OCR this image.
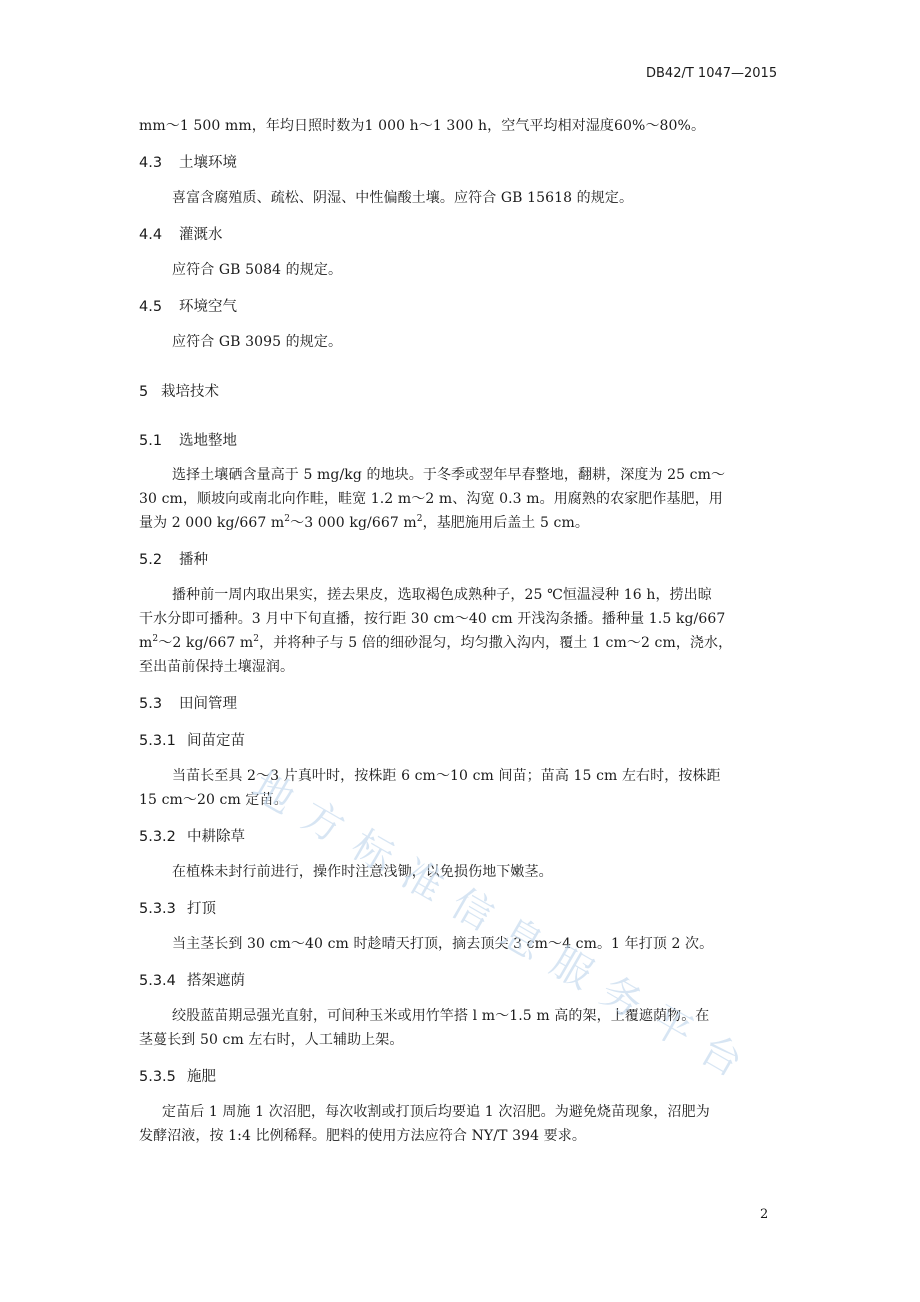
DB42/T 1047—2015
mm～1 500 mm，年均日照时数为1 000 h～1 300 h，空气平均相对湿度60%～80%。
4.3 土壤环境
喜富含腐殖质、疏松、阴湿、中性偏酸土壤。应符合 GB 15618 的规定。
4.4 灌溉水
应符合 GB 5084 的规定。
4.5 环境空气
应符合 GB 3095 的规定。
5 栽培技术
5.1 选地整地
选择土壤硒含量高于 5 mg/kg 的地块。于冬季或翌年早春整地，翻耕，深度为 25 cm～
30 cm，顺坡向或南北向作畦，畦宽 1.2 m～2 m、沟宽 0.3 m。用腐熟的农家肥作基肥，用
量为 2 000 kg/667 $m^2\sim 3$ 000 kg/667 $m^2$，基肥施用后盖土 5 cm。
5.2 播种
播种前一周内取出果实，搓去果皮，选取褐色成熟种子，25 ℃恒温浸种 16 h，捞出晾
干水分即可播种。3 月中下旬直播，按行距 30 cm～40 cm 开浅沟条播。播种量 1.5 kg/667
$m^2\sim 2$ kg/667 $m^2$，并将种子与 5 倍的细砂混匀，均匀撒入沟内，覆土 1 cm～2 cm，浇水，
至出苗前保持土壤湿润。
5.3 田间管理
5.3.1 间苗定苗
当苗长至具 2～3 片真叶时，按株距 6 cm～10 cm 间苗；苗高 15 cm 左右时，按株距
15 cm～20 cm 定苗。
5.3.2 中耕除草
在植株未封行前进行，操作时注意浅锄，以免损伤地下嫩茎。
5.3.3 打顶
当主茎长到 30 cm～40 cm 时趁晴天打顶，摘去顶尖 3 cm～4 cm。1 年打顶 2 次。
5.3.4 搭架遮荫
绞股蓝苗期忌强光直射，可间种玉米或用竹竿搭 l m～1.5 m 高的架，上覆遮荫物。在
茎蔓长到 50 cm 左右时，人工辅助上架。
5.3.5 施肥
定苗后 1 周施 1 次沼肥，每次收割或打顶后均要追 1 次沼肥。为避免烧苗现象，沼肥为
发酵沼液，按 1:4 比例稀释。肥料的使用方法应符合 NY/T 394 要求。
2
地
方
标
准
信
息
服
务
平
台
